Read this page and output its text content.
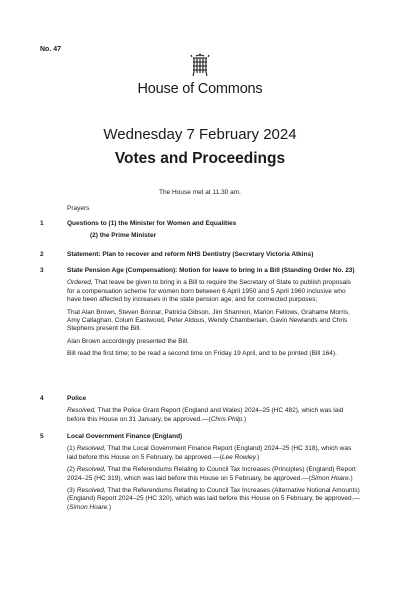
No. 47
House of Commons
Wednesday 7 February 2024
Votes and Proceedings
The House met at 11.30 am.
Prayers
1	Questions to (1) the Minister for Women and Equalities
(2) the Prime Minister
2	Statement: Plan to recover and reform NHS Dentistry (Secretary Victoria Atkins)
3	State Pension Age (Compensation): Motion for leave to bring in a Bill (Standing Order No. 23)

Ordered, That leave be given to bring in a Bill to require the Secretary of State to publish proposals for a compensation scheme for women born between 6 April 1950 and 5 April 1960 inclusive who have been affected by increases in the state pension age; and for connected purposes;

That Alan Brown, Steven Bonnar, Patricia Gibson, Jim Shannon, Marion Fellows, Grahame Morris, Amy Callaghan, Colum Eastwood, Peter Aldous, Wendy Chamberlain, Gavin Newlands and Chris Stephens present the Bill.

Alan Brown accordingly presented the Bill.

Bill read the first time; to be read a second time on Friday 19 April, and to be printed (Bill 164).

4	Police

Resolved, That the Police Grant Report (England and Wales) 2024–25 (HC 482), which was laid before this House on 31 January, be approved.—(Chris Philp.)

5	Local Government Finance (England)

(1) Resolved, That the Local Government Finance Report (England) 2024–25 (HC 318), which was laid before this House on 5 February, be approved.—(Lee Rowley.)

(2) Resolved, That the Referendums Relating to Council Tax Increases (Principles) (England) Report 2024–25 (HC 319), which was laid before this House on 5 February, be approved.—(Simon Hoare.)

(3) Resolved, That the Referendums Relating to Council Tax Increases (Alternative Notional Amounts) (England) Report 2024–25 (HC 320), which was laid before this House on 5 February, be approved.—(Simon Hoare.)
